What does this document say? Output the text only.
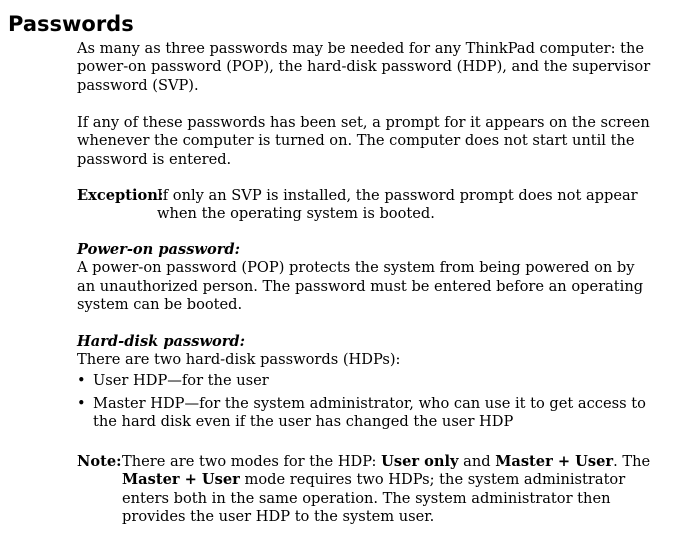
Passwords

As many as three passwords may be needed for any ThinkPad computer: the power-on password (POP), the hard-disk password (HDP), and the supervisor password (SVP).

If any of these passwords has been set, a prompt for it appears on the screen whenever the computer is turned on. The computer does not start until the password is entered.

Exception:
If only an SVP is installed, the password prompt does not appear when the operating system is booted.
Power-on password:
A power-on password (POP) protects the system from being powered on by an unauthorized person. The password must be entered before an operating system can be booted.
Hard-disk password:
There are two hard-disk passwords (HDPs):
• User HDP—for the user
• Master HDP—for the system administrator, who can use it to get access to the hard disk even if the user has changed the user HDP
Note: There are two modes for the HDP: User only and Master + User. The Master + User mode requires two HDPs; the system administrator enters both in the same operation. The system administrator then provides the user HDP to the system user.
